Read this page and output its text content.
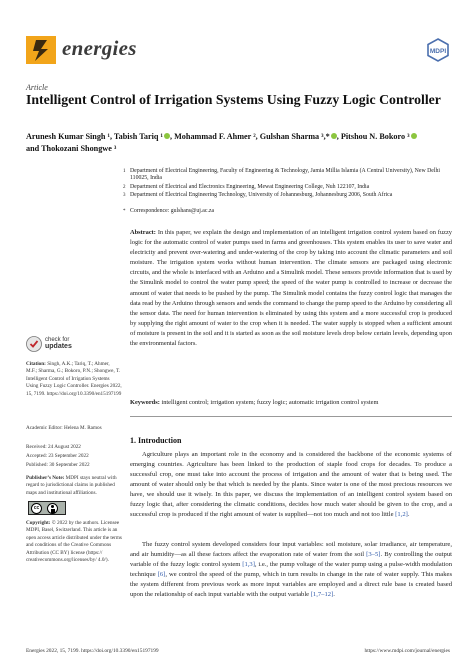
energies	MDPI
Article
Intelligent Control of Irrigation Systems Using Fuzzy Logic Controller
Arunesh Kumar Singh ¹, Tabish Tariq ¹ , Mohammad F. Ahmer ², Gulshan Sharma ³,* , Pitshou N. Bokoro ³
and Thokozani Shongwe ³
1 Department of Electrical Engineering, Faculty of Engineering & Technology, Jamia Millia Islamia (A Central University), New Delhi 110025, India
2 Department of Electrical and Electronics Engineering, Mewat Engineering College, Nuh 122107, India
3 Department of Electrical Engineering Technology, University of Johannesburg, Johannesburg 2006, South Africa
* Correspondence: gulshans@uj.ac.za
Abstract: In this paper, we explain the design and implementation of an intelligent irrigation control system based on fuzzy logic for the automatic control of water pumps used in farms and greenhouses. This system enables its user to save water and electricity and prevent over-watering and under-watering of the crop by taking into account the climatic parameters and soil moisture. The irrigation system works without human intervention. The climate sensors are packaged using electronic circuits, and the whole is interfaced with an Arduino and a Simulink model. These sensors provide information that is used by the Simulink model to control the water pump speed; the speed of the water pump is controlled to increase or decrease the amount of water that needs to be pushed by the pump. The Simulink model contains the fuzzy control logic that manages the data read by the Arduino through sensors and sends the command to change the pump speed to the Arduino by considering all the sensor data. The need for human intervention is eliminated by using this system and a more successful crop is produced by supplying the right amount of water to the crop when it is needed. The water supply is stopped when a sufficient amount of moisture is present in the soil and it is started as soon as the soil moisture levels drop below certain levels, depending upon the environmental factors.
Keywords: intelligent control; irrigation system; fuzzy logic; automatic irrigation control system
check for
updates
Citation: Singh, A.K.; Tariq, T.; Ahmer, M.F.; Sharma, G.; Bokoro, P.N.; Shongwe, T. Intelligent Control of Irrigation Systems Using Fuzzy Logic Controller. Energies 2022, 15, 7199. https://doi.org/10.3390/en15197199
Academic Editor: Helena M. Ramos
Received: 24 August 2022
Accepted: 23 September 2022
Published: 30 September 2022
Publisher’s Note: MDPI stays neutral with regard to jurisdictional claims in published maps and institutional affiliations.
cc
Copyright: © 2022 by the authors. Licensee MDPI, Basel, Switzerland. This article is an open access article distributed under the terms and conditions of the Creative Commons Attribution (CC BY) license (https:// creativecommons.org/licenses/by/ 4.0/).
1. Introduction
Agriculture plays an important role in the economy and is considered the backbone of the economic systems of emerging countries. Agriculture has been linked to the production of staple food crops for decades. To produce a successful crop, one must take into account the process of irrigation and the amount of water that is being used. The amount of water should only be that which is needed by the plants. Since water is one of the most precious resources we have, we should use it wisely. In this paper, we discuss the implementation of an intelligent control system based on fuzzy logic that, after considering the climatic conditions, decides how much water should be given to the crop, and a successful crop is produced if the right amount of water is supplied—not too much and not too little [1,2].
The fuzzy control system developed considers four input variables: soil moisture, solar irradiance, air temperature, and air humidity—as all these factors affect the evaporation rate of water from the soil [3–5]. By controlling the output variable of the fuzzy logic control system [1,3], i.e., the pump voltage of the water pump using a pulse-width modulation technique [6], we control the speed of the pump, which in turn results in change in the rate of water supply. This makes the system different from previous work as more input variables are employed and a direct rule base is created based upon the relationship of each input variable with the output variable [1,7–12].
Energies 2022, 15, 7199. https://doi.org/10.3390/en15197199	https://www.mdpi.com/journal/energies
